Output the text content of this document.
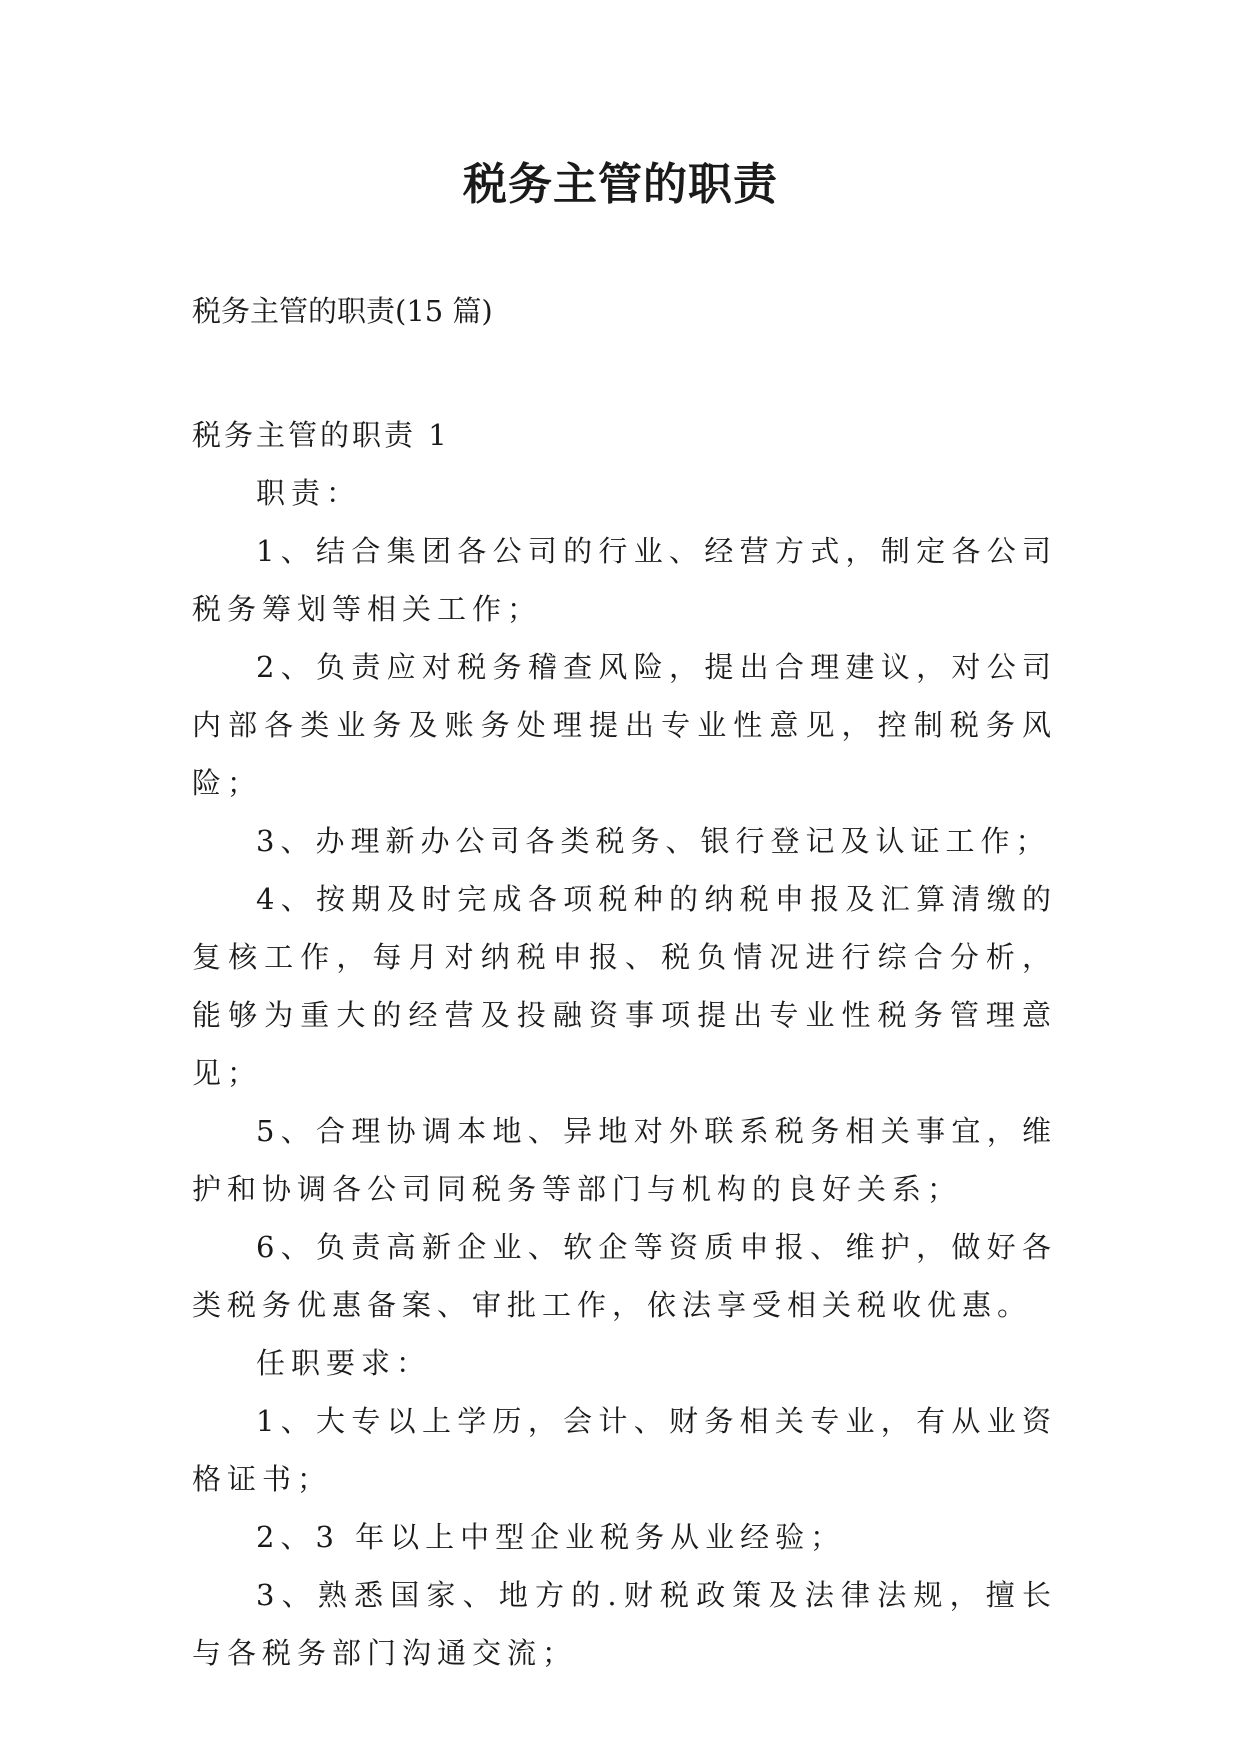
税务主管的职责
税务主管的职责(15 篇)

税务主管的职责 1

职责：

1、结合集团各公司的行业、经营方式，制定各公司税务筹划等相关工作；

2、负责应对税务稽查风险，提出合理建议，对公司内部各类业务及账务处理提出专业性意见，控制税务风险；

3、办理新办公司各类税务、银行登记及认证工作；

4、按期及时完成各项税种的纳税申报及汇算清缴的复核工作，每月对纳税申报、税负情况进行综合分析，能够为重大的经营及投融资事项提出专业性税务管理意见；

5、合理协调本地、异地对外联系税务相关事宜，维护和协调各公司同税务等部门与机构的良好关系；

6、负责高新企业、软企等资质申报、维护，做好各类税务优惠备案、审批工作，依法享受相关税收优惠。

任职要求：

1、大专以上学历，会计、财务相关专业，有从业资格证书；

2、3 年以上中型企业税务从业经验；

3、熟悉国家、地方的.财税政策及法律法规，擅长与各税务部门沟通交流；
